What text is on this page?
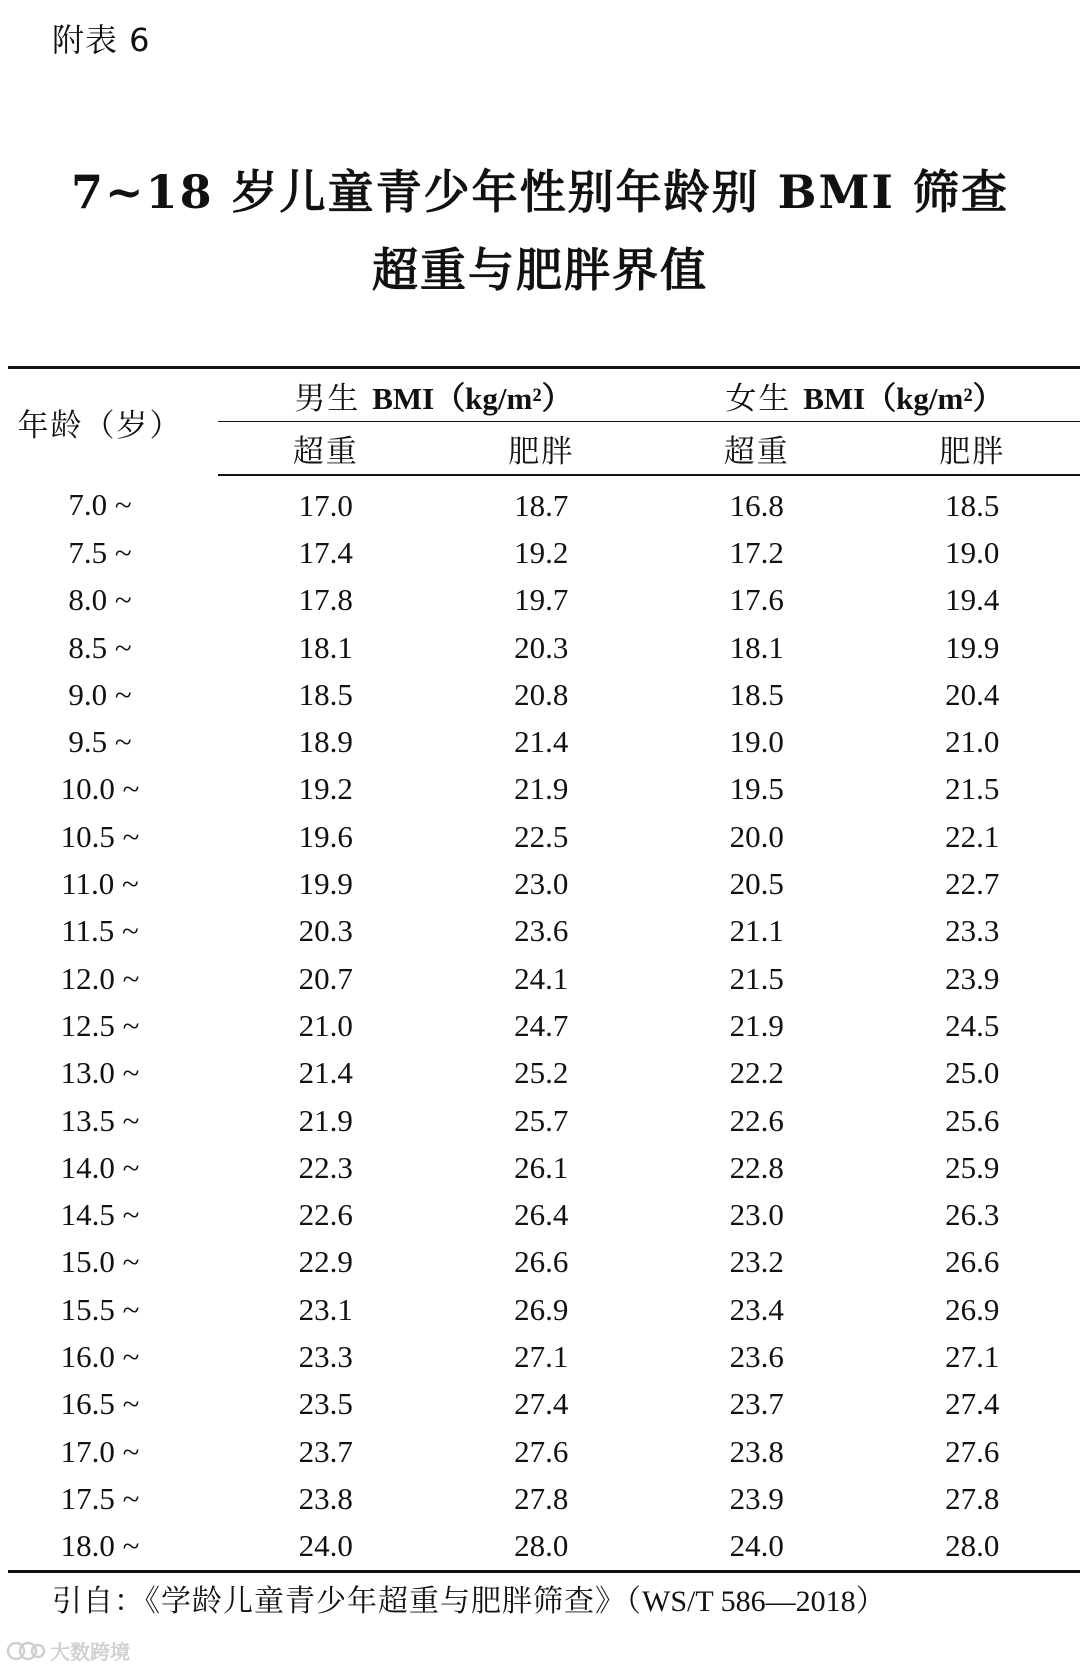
附表 6
7~18 岁儿童青少年性别年龄别 BMI 筛查
超重与肥胖界值
年龄（岁）	男生 BMI（kg/m²）		女生 BMI（kg/m²）	
	超重	肥胖	超重	肥胖
7.0 ~	17.0	18.7	16.8	18.5
7.5 ~	17.4	19.2	17.2	19.0
8.0 ~	17.8	19.7	17.6	19.4
8.5 ~	18.1	20.3	18.1	19.9
9.0 ~	18.5	20.8	18.5	20.4
9.5 ~	18.9	21.4	19.0	21.0
10.0 ~	19.2	21.9	19.5	21.5
10.5 ~	19.6	22.5	20.0	22.1
11.0 ~	19.9	23.0	20.5	22.7
11.5 ~	20.3	23.6	21.1	23.3
12.0 ~	20.7	24.1	21.5	23.9
12.5 ~	21.0	24.7	21.9	24.5
13.0 ~	21.4	25.2	22.2	25.0
13.5 ~	21.9	25.7	22.6	25.6
14.0 ~	22.3	26.1	22.8	25.9
14.5 ~	22.6	26.4	23.0	26.3
15.0 ~	22.9	26.6	23.2	26.6
15.5 ~	23.1	26.9	23.4	26.9
16.0 ~	23.3	27.1	23.6	27.1
16.5 ~	23.5	27.4	23.7	27.4
17.0 ~	23.7	27.6	23.8	27.6
17.5 ~	23.8	27.8	23.9	27.8
18.0 ~	24.0	28.0	24.0	28.0
引自：《学龄儿童青少年超重与肥胖筛查》（WS/T 586—2018）
大数跨境
